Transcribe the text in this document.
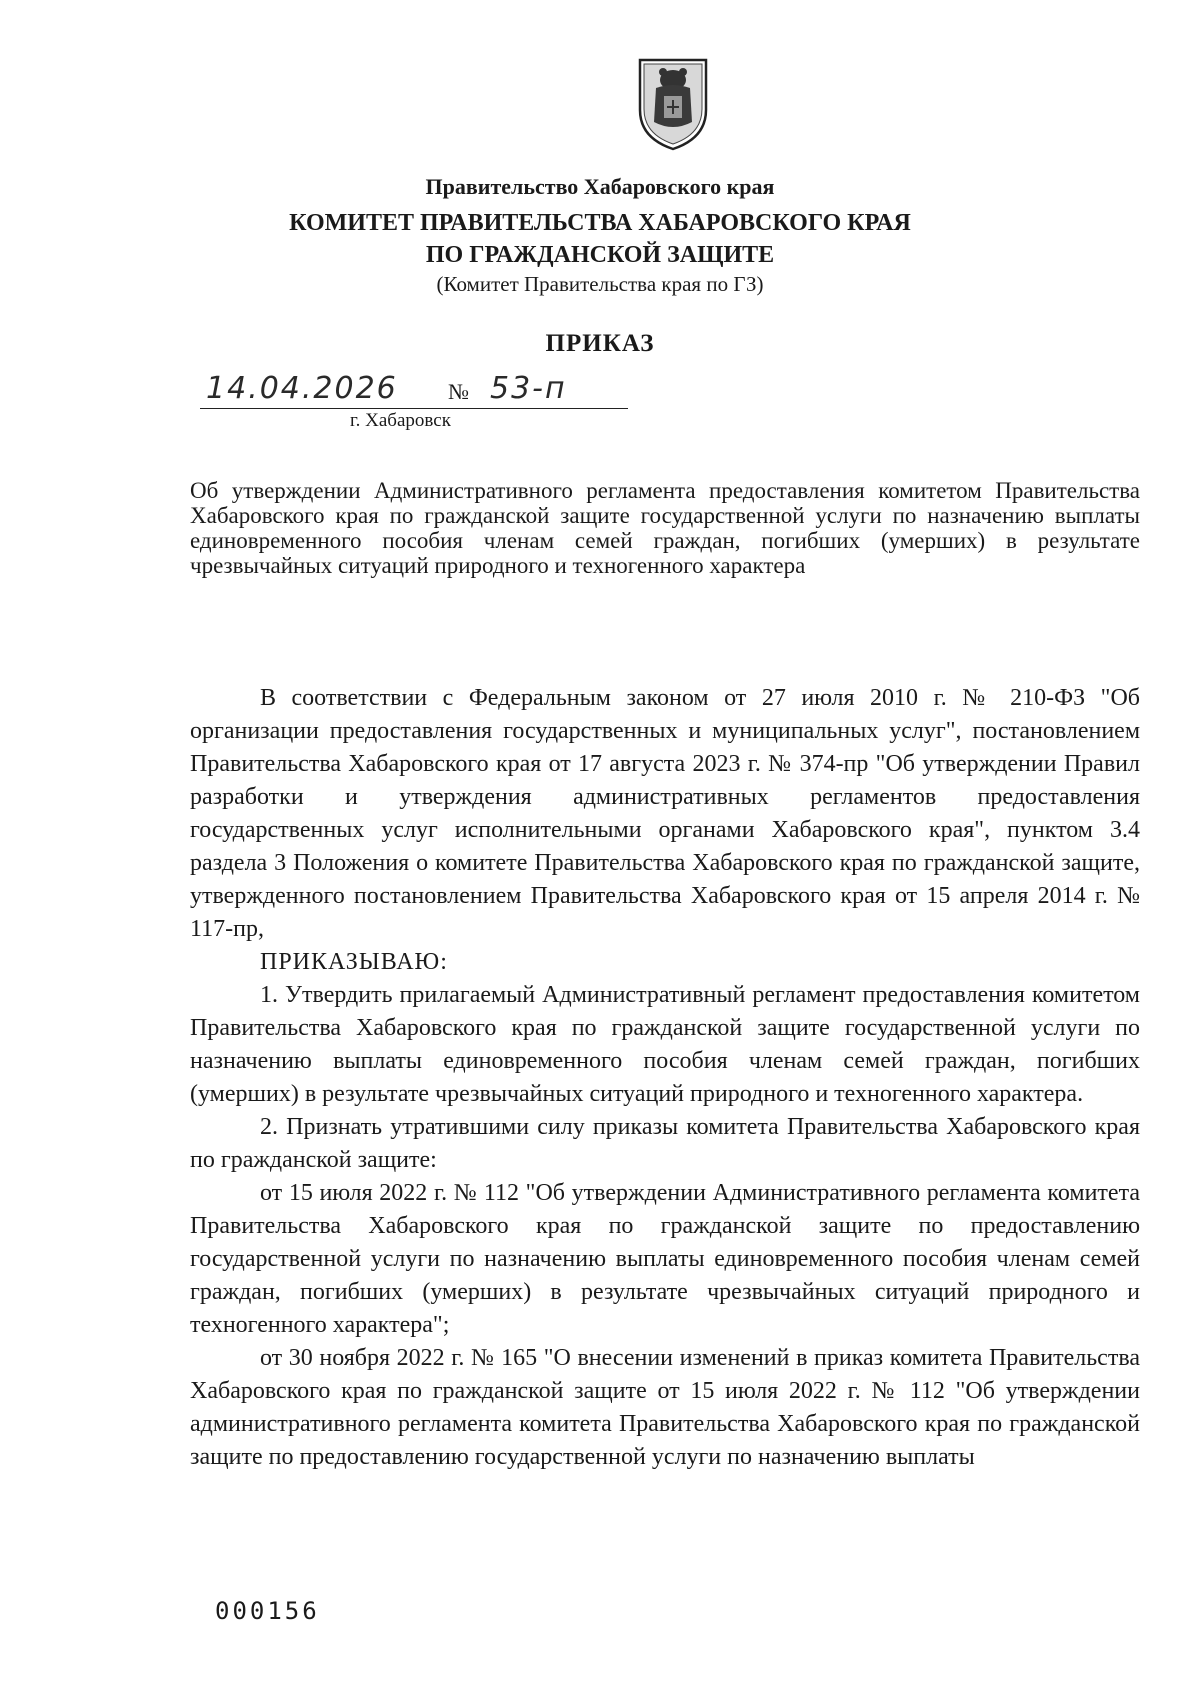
Правительство Хабаровского края
КОМИТЕТ ПРАВИТЕЛЬСТВА ХАБАРОВСКОГО КРАЯ
ПО ГРАЖДАНСКОЙ ЗАЩИТЕ
(Комитет Правительства края по ГЗ)
ПРИКАЗ
14.04.2026 № 53-п
г. Хабаровск
Об утверждении Административного регламента предоставления комитетом Правительства Хабаровского края по гражданской защите государственной услуги по назначению выплаты единовременного пособия членам семей граждан, погибших (умерших) в результате чрезвычайных ситуаций природного и техногенного характера

В соответствии с Федеральным законом от 27 июля 2010 г. № 210-ФЗ "Об организации предоставления государственных и муниципальных услуг", постановлением Правительства Хабаровского края от 17 августа 2023 г. № 374-пр "Об утверждении Правил разработки и утверждения административных регламентов предоставления государственных услуг исполнительными органами Хабаровского края", пунктом 3.4 раздела 3 Положения о комитете Правительства Хабаровского края по гражданской защите, утвержденного постановлением Правительства Хабаровского края от 15 апреля 2014 г. № 117-пр,

ПРИКАЗЫВАЮ:

1. Утвердить прилагаемый Административный регламент предоставления комитетом Правительства Хабаровского края по гражданской защите государственной услуги по назначению выплаты единовременного пособия членам семей граждан, погибших (умерших) в результате чрезвычайных ситуаций природного и техногенного характера.

2. Признать утратившими силу приказы комитета Правительства Хабаровского края по гражданской защите:

от 15 июля 2022 г. № 112 "Об утверждении Административного регламента комитета Правительства Хабаровского края по гражданской защите по предоставлению государственной услуги по назначению выплаты единовременного пособия членам семей граждан, погибших (умерших) в результате чрезвычайных ситуаций природного и техногенного характера";

от 30 ноября 2022 г. № 165 "О внесении изменений в приказ комитета Правительства Хабаровского края по гражданской защите от 15 июля 2022 г. № 112 "Об утверждении административного регламента комитета Правительства Хабаровского края по гражданской защите по предоставлению государственной услуги по назначению выплаты

000156
